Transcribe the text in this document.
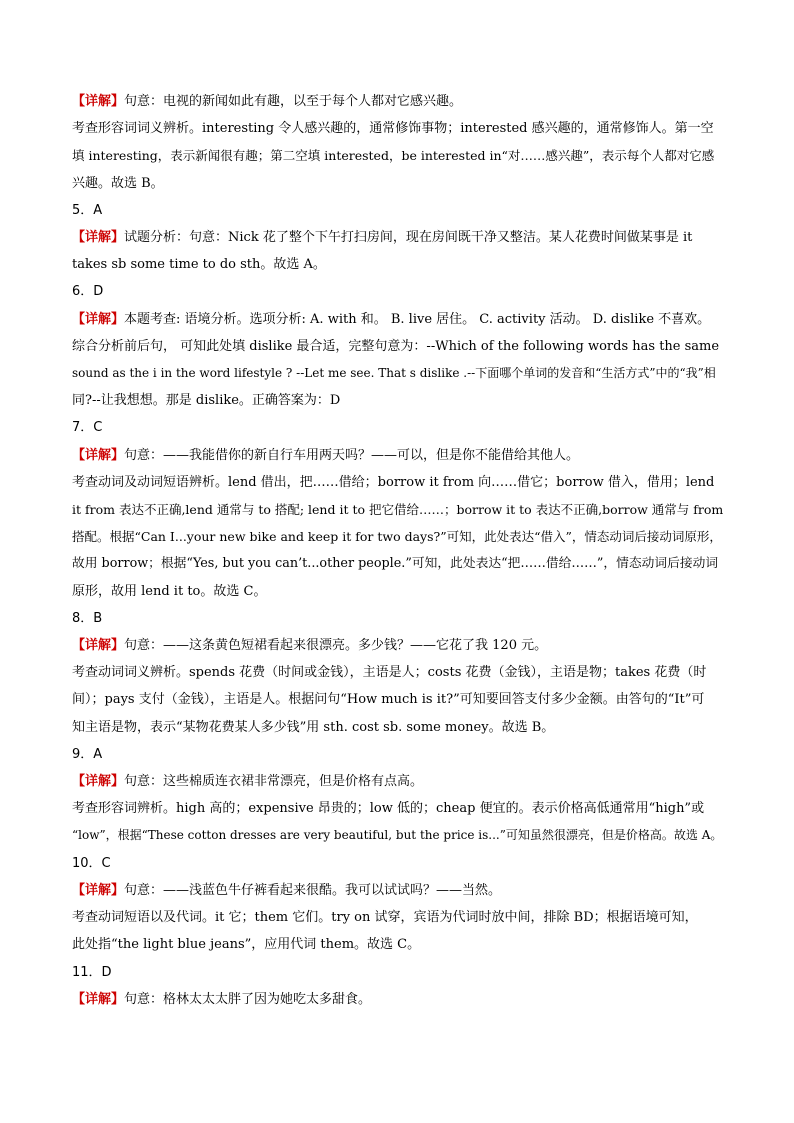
【详解】句意：电视的新闻如此有趣，以至于每个人都对它感兴趣。
考查形容词词义辨析。interesting 令人感兴趣的，通常修饰事物；interested 感兴趣的，通常修饰人。第一空
填 interesting，表示新闻很有趣；第二空填 interested，be interested in“对……感兴趣”，表示每个人都对它感
兴趣。故选 B。
5．A
【详解】试题分析：句意：Nick 花了整个下午打扫房间，现在房间既干净又整洁。某人花费时间做某事是 it
takes sb some time to do sth。故选 A。
6．D
【详解】本题考查: 语境分析。选项分析: A. with 和。 B. live 居住。 C. activity 活动。 D. dislike 不喜欢。
综合分析前后句， 可知此处填 dislike 最合适，完整句意为：--Which of the following words has the same
sound as the i in the word lifestyle ? --Let me see. That s dislike .--下面哪个单词的发音和“生活方式”中的“我”相
同?--让我想想。那是 dislike。正确答案为：D
7．C
【详解】句意：——我能借你的新自行车用两天吗？——可以，但是你不能借给其他人。
考查动词及动词短语辨析。lend 借出，把……借给；borrow it from 向……借它；borrow 借入，借用；lend
it from 表达不正确,lend 通常与 to 搭配; lend it to 把它借给……；borrow it to 表达不正确,borrow 通常与 from
搭配。根据“Can I...your new bike and keep it for two days?”可知，此处表达“借入”，情态动词后接动词原形，
故用 borrow；根据“Yes, but you can’t...other people.”可知，此处表达“把……借给……”，情态动词后接动词
原形，故用 lend it to。故选 C。
8．B
【详解】句意：——这条黄色短裙看起来很漂亮。多少钱？——它花了我 120 元。
考查动词词义辨析。spends 花费（时间或金钱），主语是人；costs 花费（金钱），主语是物；takes 花费（时
间）；pays 支付（金钱），主语是人。根据问句“How much is it?”可知要回答支付多少金额。由答句的“It”可
知主语是物，表示“某物花费某人多少钱”用 sth. cost sb. some money。故选 B。
9．A
【详解】句意：这些棉质连衣裙非常漂亮，但是价格有点高。
考查形容词辨析。high 高的；expensive 昂贵的；low 低的；cheap 便宜的。表示价格高低通常用“high”或
“low”，根据“These cotton dresses are very beautiful, but the price is...”可知虽然很漂亮，但是价格高。故选 A。
10．C
【详解】句意：——浅蓝色牛仔裤看起来很酷。我可以试试吗？——当然。
考查动词短语以及代词。it 它；them 它们。try on 试穿，宾语为代词时放中间，排除 BD；根据语境可知，
此处指“the light blue jeans”，应用代词 them。故选 C。
11．D
【详解】句意：格林太太太胖了因为她吃太多甜食。
